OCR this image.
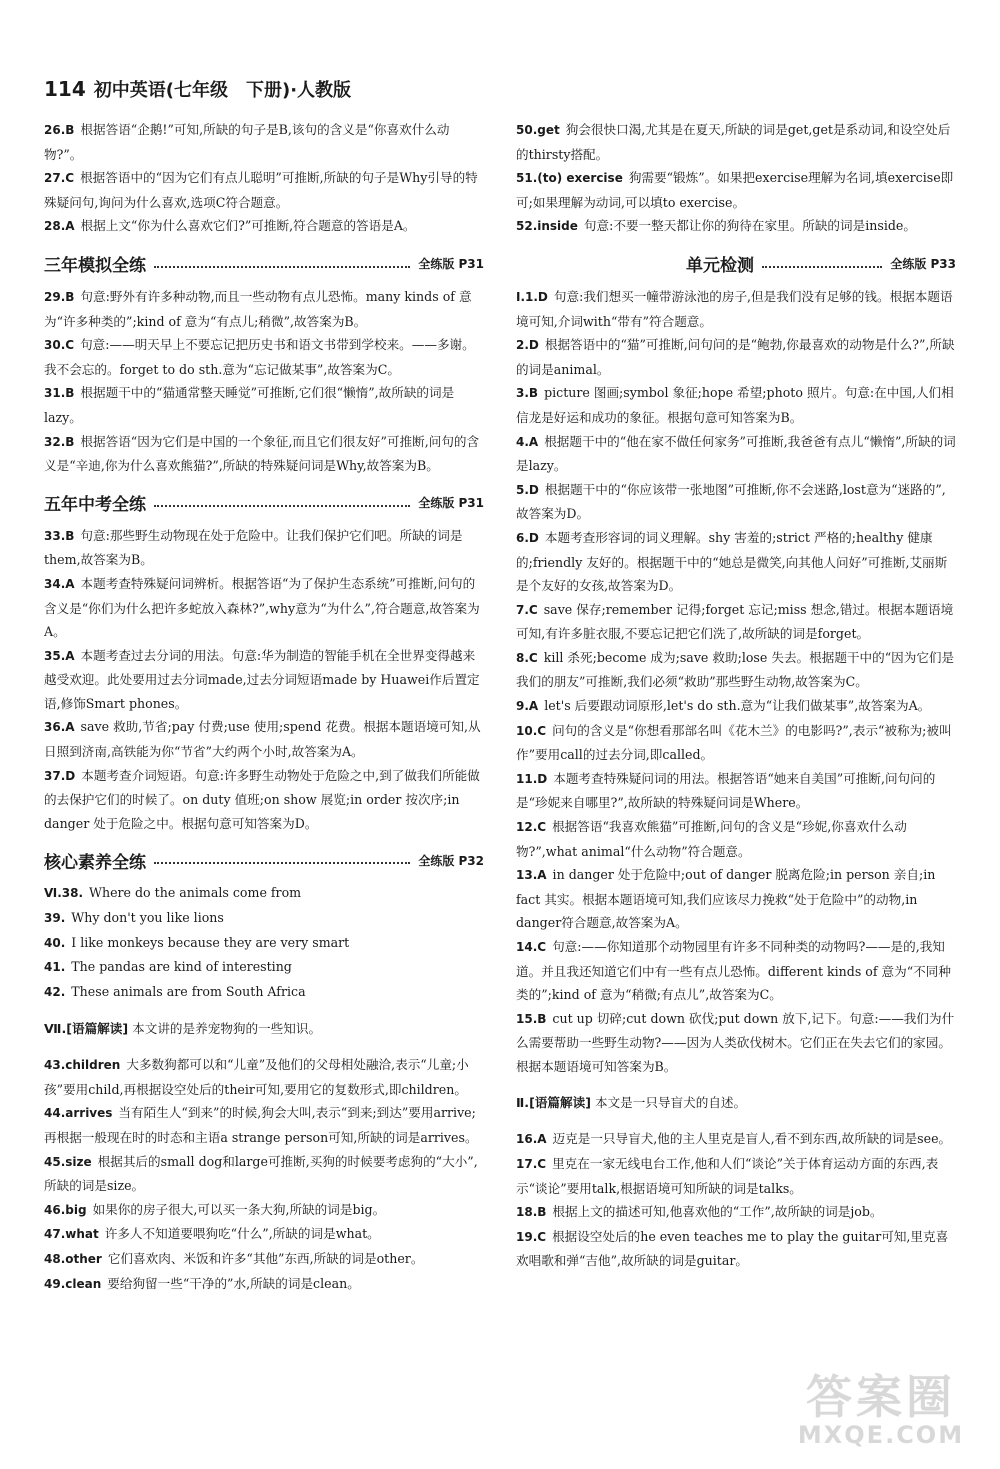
114 初中英语(七年级　下册)·人教版

26.B 根据答语“企鹅!”可知,所缺的句子是B,该句的含义是“你喜欢什么动物?”。

27.C 根据答语中的“因为它们有点儿聪明”可推断,所缺的句子是Why引导的特殊疑问句,询问为什么喜欢,选项C符合题意。

28.A 根据上文“你为什么喜欢它们?”可推断,符合题意的答语是A。

三年模拟全练	全练版 P31

29.B 句意:野外有许多种动物,而且一些动物有点儿恐怖。many kinds of 意为“许多种类的”;kind of 意为“有点儿;稍微”,故答案为B。

30.C 句意:——明天早上不要忘记把历史书和语文书带到学校来。——多谢。我不会忘的。forget to do sth.意为“忘记做某事”,故答案为C。

31.B 根据题干中的“猫通常整天睡觉”可推断,它们很“懒惰”,故所缺的词是lazy。

32.B 根据答语“因为它们是中国的一个象征,而且它们很友好”可推断,问句的含义是“辛迪,你为什么喜欢熊猫?”,所缺的特殊疑问词是Why,故答案为B。

五年中考全练	全练版 P31

33.B 句意:那些野生动物现在处于危险中。让我们保护它们吧。所缺的词是them,故答案为B。

34.A 本题考查特殊疑问词辨析。根据答语“为了保护生态系统”可推断,问句的含义是“你们为什么把许多蛇放入森林?”,why意为“为什么”,符合题意,故答案为A。

35.A 本题考查过去分词的用法。句意:华为制造的智能手机在全世界变得越来越受欢迎。此处要用过去分词made,过去分词短语made by Huawei作后置定语,修饰Smart phones。

36.A save 救助,节省;pay 付费;use 使用;spend 花费。根据本题语境可知,从日照到济南,高铁能为你“节省”大约两个小时,故答案为A。

37.D 本题考查介词短语。句意:许多野生动物处于危险之中,到了做我们所能做的去保护它们的时候了。on duty 值班;on show 展览;in order 按次序;in danger 处于危险之中。根据句意可知答案为D。

核心素养全练	全练版 P32

Ⅵ.38. Where do the animals come from

39. Why don't you like lions

40. I like monkeys because they are very smart

41. The pandas are kind of interesting

42. These animals are from South Africa

Ⅶ.[语篇解读] 本文讲的是养宠物狗的一些知识。

43.children 大多数狗都可以和“儿童”及他们的父母相处融洽,表示“儿童;小孩”要用child,再根据设空处后的their可知,要用它的复数形式,即children。

44.arrives 当有陌生人“到来”的时候,狗会大叫,表示“到来;到达”要用arrive;再根据一般现在时的时态和主语a strange person可知,所缺的词是arrives。

45.size 根据其后的small dog和large可推断,买狗的时候要考虑狗的“大小”,所缺的词是size。

46.big 如果你的房子很大,可以买一条大狗,所缺的词是big。

47.what 许多人不知道要喂狗吃“什么”,所缺的词是what。

48.other 它们喜欢肉、米饭和许多“其他”东西,所缺的词是other。

49.clean 要给狗留一些“干净的”水,所缺的词是clean。

50.get 狗会很快口渴,尤其是在夏天,所缺的词是get,get是系动词,和设空处后的thirsty搭配。

51.(to) exercise 狗需要“锻炼”。如果把exercise理解为名词,填exercise即可;如果理解为动词,可以填to exercise。

52.inside 句意:不要一整天都让你的狗待在家里。所缺的词是inside。

单元检测	全练版 P33

Ⅰ.1.D 句意:我们想买一幢带游泳池的房子,但是我们没有足够的钱。根据本题语境可知,介词with“带有”符合题意。

2.D 根据答语中的“猫”可推断,问句问的是“鲍勃,你最喜欢的动物是什么?”,所缺的词是animal。

3.B picture 图画;symbol 象征;hope 希望;photo 照片。句意:在中国,人们相信龙是好运和成功的象征。根据句意可知答案为B。

4.A 根据题干中的“他在家不做任何家务”可推断,我爸爸有点儿“懒惰”,所缺的词是lazy。

5.D 根据题干中的“你应该带一张地图”可推断,你不会迷路,lost意为“迷路的”,故答案为D。

6.D 本题考查形容词的词义理解。shy 害羞的;strict 严格的;healthy 健康的;friendly 友好的。根据题干中的“她总是微笑,向其他人问好”可推断,艾丽斯是个友好的女孩,故答案为D。

7.C save 保存;remember 记得;forget 忘记;miss 想念,错过。根据本题语境可知,有许多脏衣服,不要忘记把它们洗了,故所缺的词是forget。

8.C kill 杀死;become 成为;save 救助;lose 失去。根据题干中的“因为它们是我们的朋友”可推断,我们必须“救助”那些野生动物,故答案为C。

9.A let's 后要跟动词原形,let's do sth.意为“让我们做某事”,故答案为A。

10.C 问句的含义是“你想看那部名叫《花木兰》的电影吗?”,表示“被称为;被叫作”要用call的过去分词,即called。

11.D 本题考查特殊疑问词的用法。根据答语“她来自美国”可推断,问句问的是“珍妮来自哪里?”,故所缺的特殊疑问词是Where。

12.C 根据答语“我喜欢熊猫”可推断,问句的含义是“珍妮,你喜欢什么动物?”,what animal“什么动物”符合题意。

13.A in danger 处于危险中;out of danger 脱离危险;in person 亲自;in fact 其实。根据本题语境可知,我们应该尽力挽救“处于危险中”的动物,in danger符合题意,故答案为A。

14.C 句意:——你知道那个动物园里有许多不同种类的动物吗?——是的,我知道。并且我还知道它们中有一些有点儿恐怖。different kinds of 意为“不同种类的”;kind of 意为“稍微;有点儿”,故答案为C。

15.B cut up 切碎;cut down 砍伐;put down 放下,记下。句意:——我们为什么需要帮助一些野生动物?——因为人类砍伐树木。它们正在失去它们的家园。根据本题语境可知答案为B。

Ⅱ.[语篇解读] 本文是一只导盲犬的自述。

16.A 迈克是一只导盲犬,他的主人里克是盲人,看不到东西,故所缺的词是see。

17.C 里克在一家无线电台工作,他和人们“谈论”关于体育运动方面的东西,表示“谈论”要用talk,根据语境可知所缺的词是talks。

18.B 根据上文的描述可知,他喜欢他的“工作”,故所缺的词是job。

19.C 根据设空处后的he even teaches me to play the guitar可知,里克喜欢唱歌和弹“吉他”,故所缺的词是guitar。

答案圈
MXQE.COM
